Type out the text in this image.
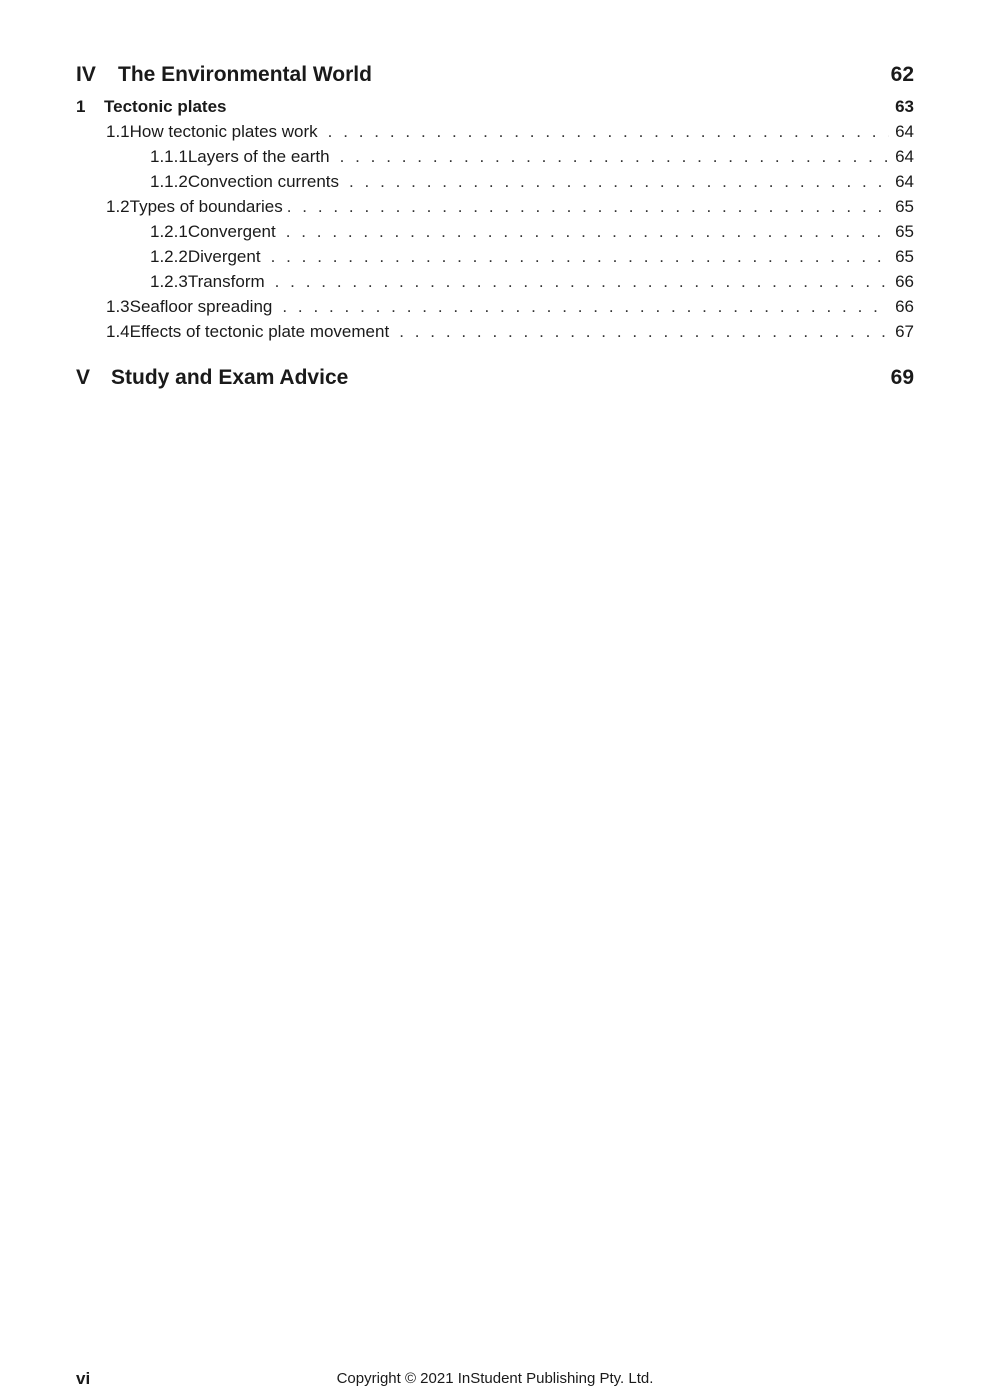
IV The Environmental World	62
1 Tectonic plates	63
1.1 How tectonic plates work . . .	64
1.1.1 Layers of the earth . . .	64
1.1.2 Convection currents . . .	64
1.2 Types of boundaries . . .	65
1.2.1 Convergent . . .	65
1.2.2 Divergent . . .	65
1.2.3 Transform . . .	66
1.3 Seafloor spreading . . .	66
1.4 Effects of tectonic plate movement . . .	67
V Study and Exam Advice	69
vi	Copyright © 2021 InStudent Publishing Pty. Ltd.
